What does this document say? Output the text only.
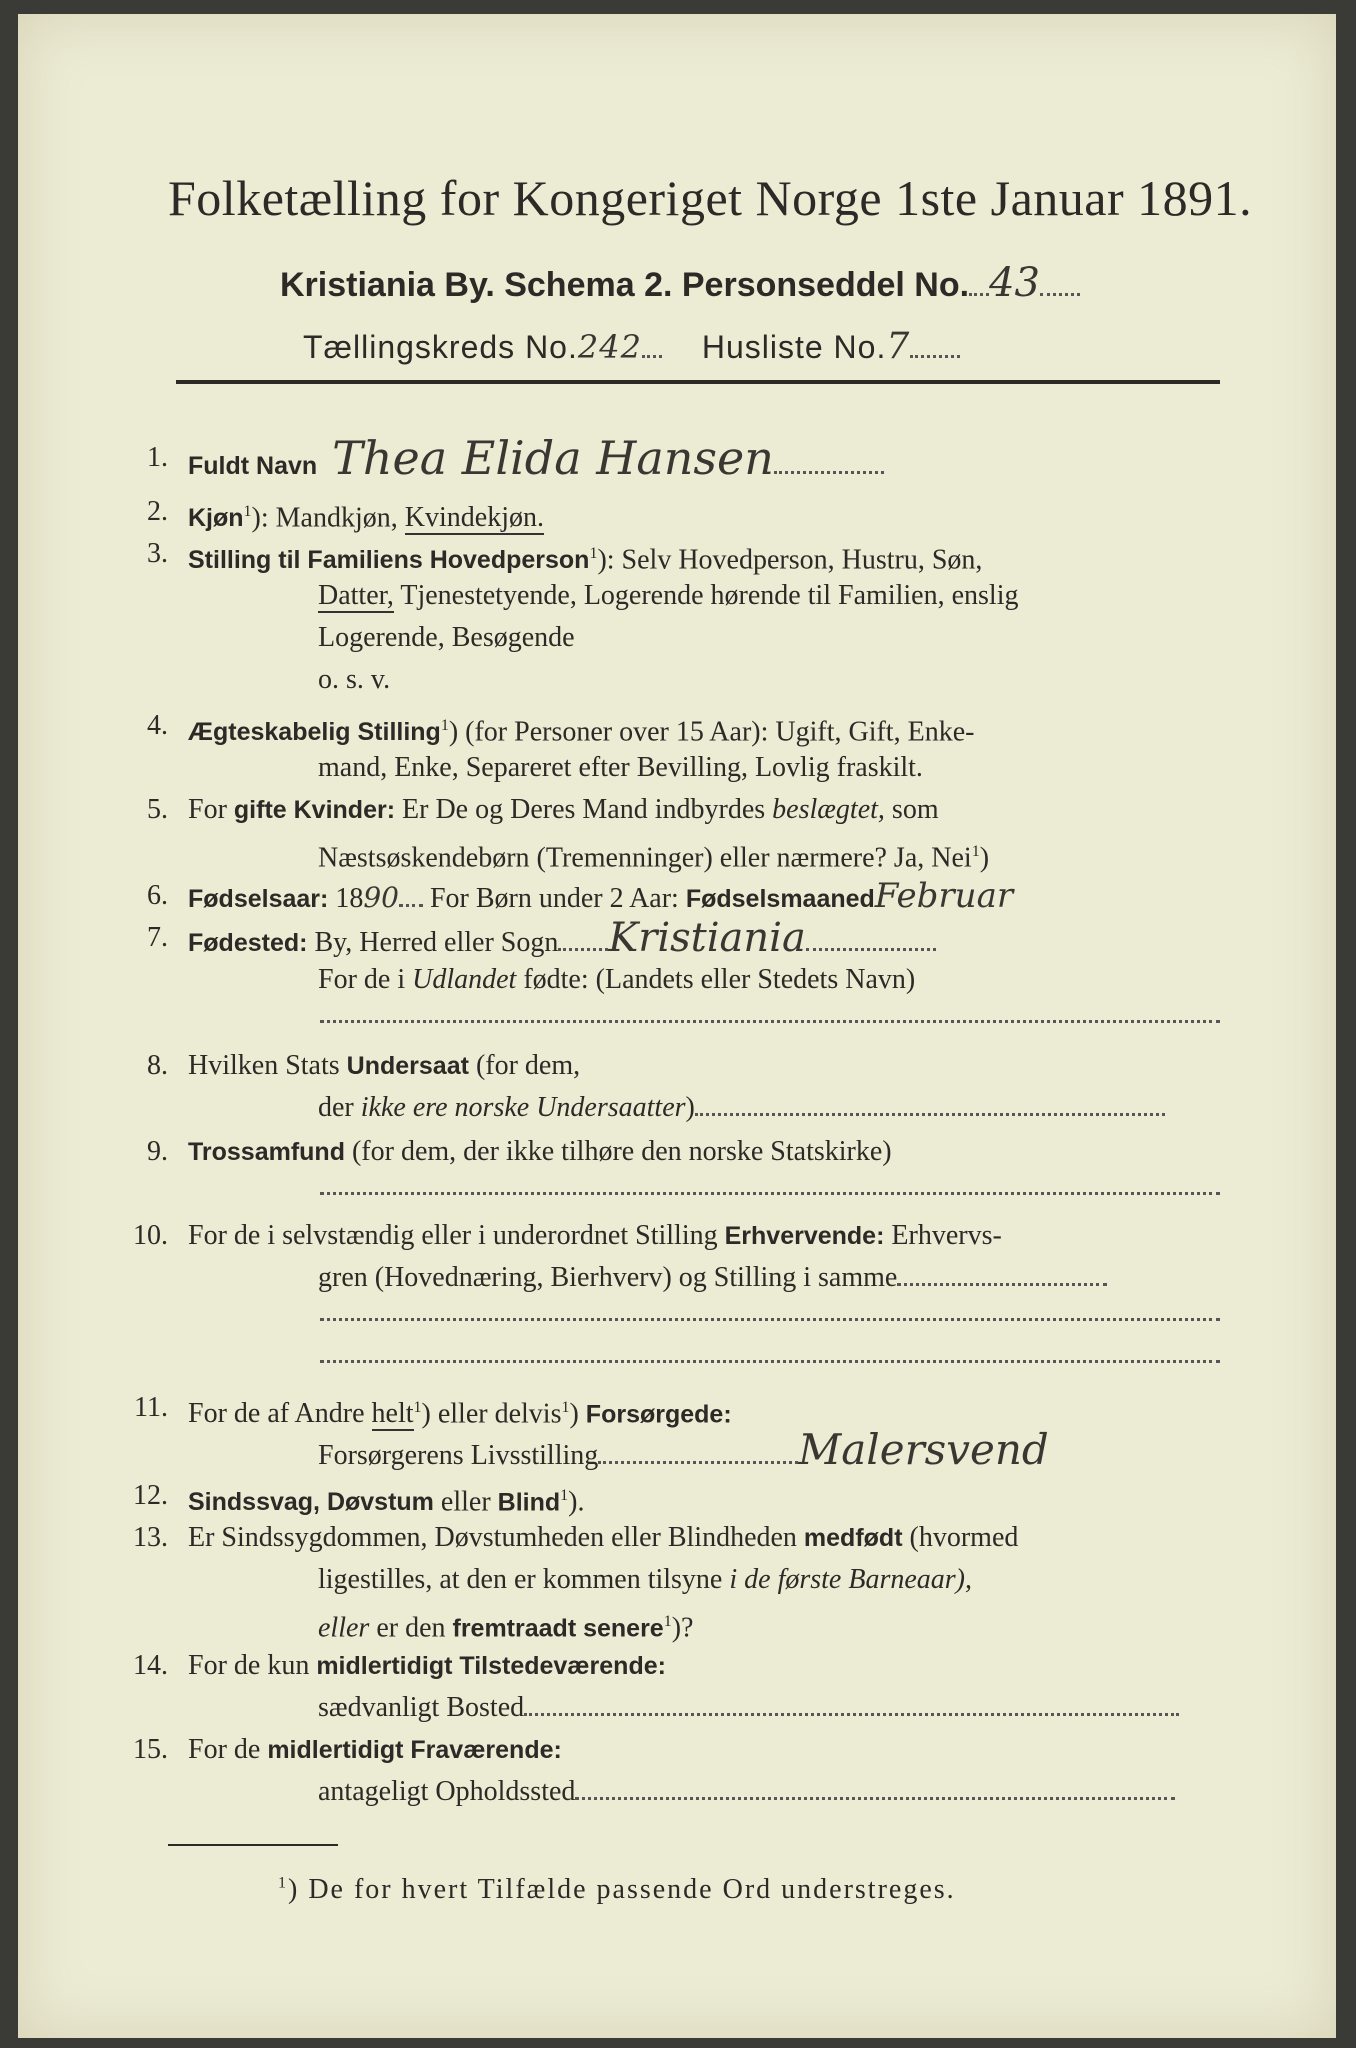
Folketælling for Kongeriget Norge 1ste Januar 1891.
Kristiania By. Schema 2. Personseddel No. 43
Tællingskreds No.242 Husliste No.7
1. Fuldt Navn Thea Elida Hansen
2. Kjøn$^1$): Mandkjøn, Kvindekjøn.
3. Stilling til Familiens Hovedperson$^1$): Selv Hovedperson, Hustru, Søn,
Datter, Tjenestetyende, Logerende hørende til Familien, enslig
Logerende, Besøgende
o. s. v.
4. Ægteskabelig Stilling$^1$) (for Personer over 15 Aar): Ugift, Gift, Enke-
mand, Enke, Separeret efter Bevilling, Lovlig fraskilt.
5. For gifte Kvinder: Er De og Deres Mand indbyrdes beslægtet, som
Næstsøskendebørn (Tremenninger) eller nærmere? Ja, Nei$^1$)
6. Fødselsaar: 1890 For Børn under 2 Aar: FødselsmaanedFebruar
7. Fødested: By, Herred eller Sogn Kristiania
For de i Udlandet fødte: (Landets eller Stedets Navn)
8. Hvilken Stats Undersaat (for dem,
der ikke ere norske Undersaatter)
9. Trossamfund (for dem, der ikke tilhøre den norske Statskirke)
10. For de i selvstændig eller i underordnet Stilling Erhvervende: Erhvervs-
gren (Hovednæring, Bierhverv) og Stilling i samme
11. For de af Andre helt$^1$) eller delvis$^1$) Forsørgede:
Forsørgerens Livsstilling	Malersvend
12. Sindssvag, Døvstum eller Blind$^1$).
13. Er Sindssygdommen, Døvstumheden eller Blindheden medfødt (hvormed
ligestilles, at den er kommen tilsyne i de første Barneaar),
eller er den fremtraadt senere$^1$)?
14. For de kun midlertidigt Tilstedeværende:
sædvanligt Bosted
15. For de midlertidigt Fraværende:
antageligt Opholdssted
$^1$) De for hvert Tilfælde passende Ord understreges.
